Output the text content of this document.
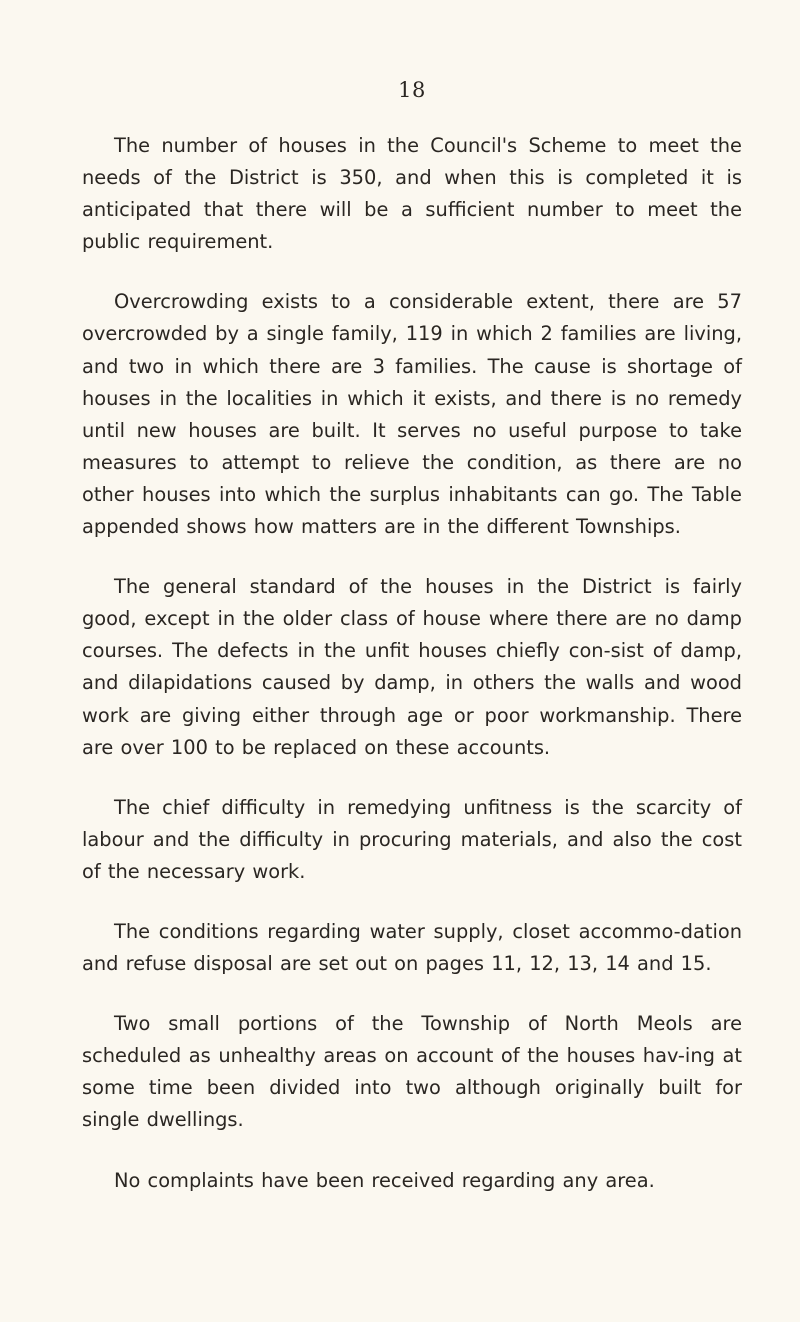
18

The number of houses in the Council's Scheme to meet the needs of the District is 350, and when this is completed it is anticipated that there will be a sufficient number to meet the public requirement.

Overcrowding exists to a considerable extent, there are 57 overcrowded by a single family, 119 in which 2 families are living, and two in which there are 3 families. The cause is shortage of houses in the localities in which it exists, and there is no remedy until new houses are built. It serves no useful purpose to take measures to attempt to relieve the condition, as there are no other houses into which the surplus inhabitants can go. The Table appended shows how matters are in the different Townships.

The general standard of the houses in the District is fairly good, except in the older class of house where there are no damp courses. The defects in the unfit houses chiefly con-sist of damp, and dilapidations caused by damp, in others the walls and wood work are giving either through age or poor workmanship. There are over 100 to be replaced on these accounts.

The chief difficulty in remedying unfitness is the scarcity of labour and the difficulty in procuring materials, and also the cost of the necessary work.

The conditions regarding water supply, closet accommo-dation and refuse disposal are set out on pages 11, 12, 13, 14 and 15.

Two small portions of the Township of North Meols are scheduled as unhealthy areas on account of the houses hav-ing at some time been divided into two although originally built for single dwellings.

No complaints have been received regarding any area.
